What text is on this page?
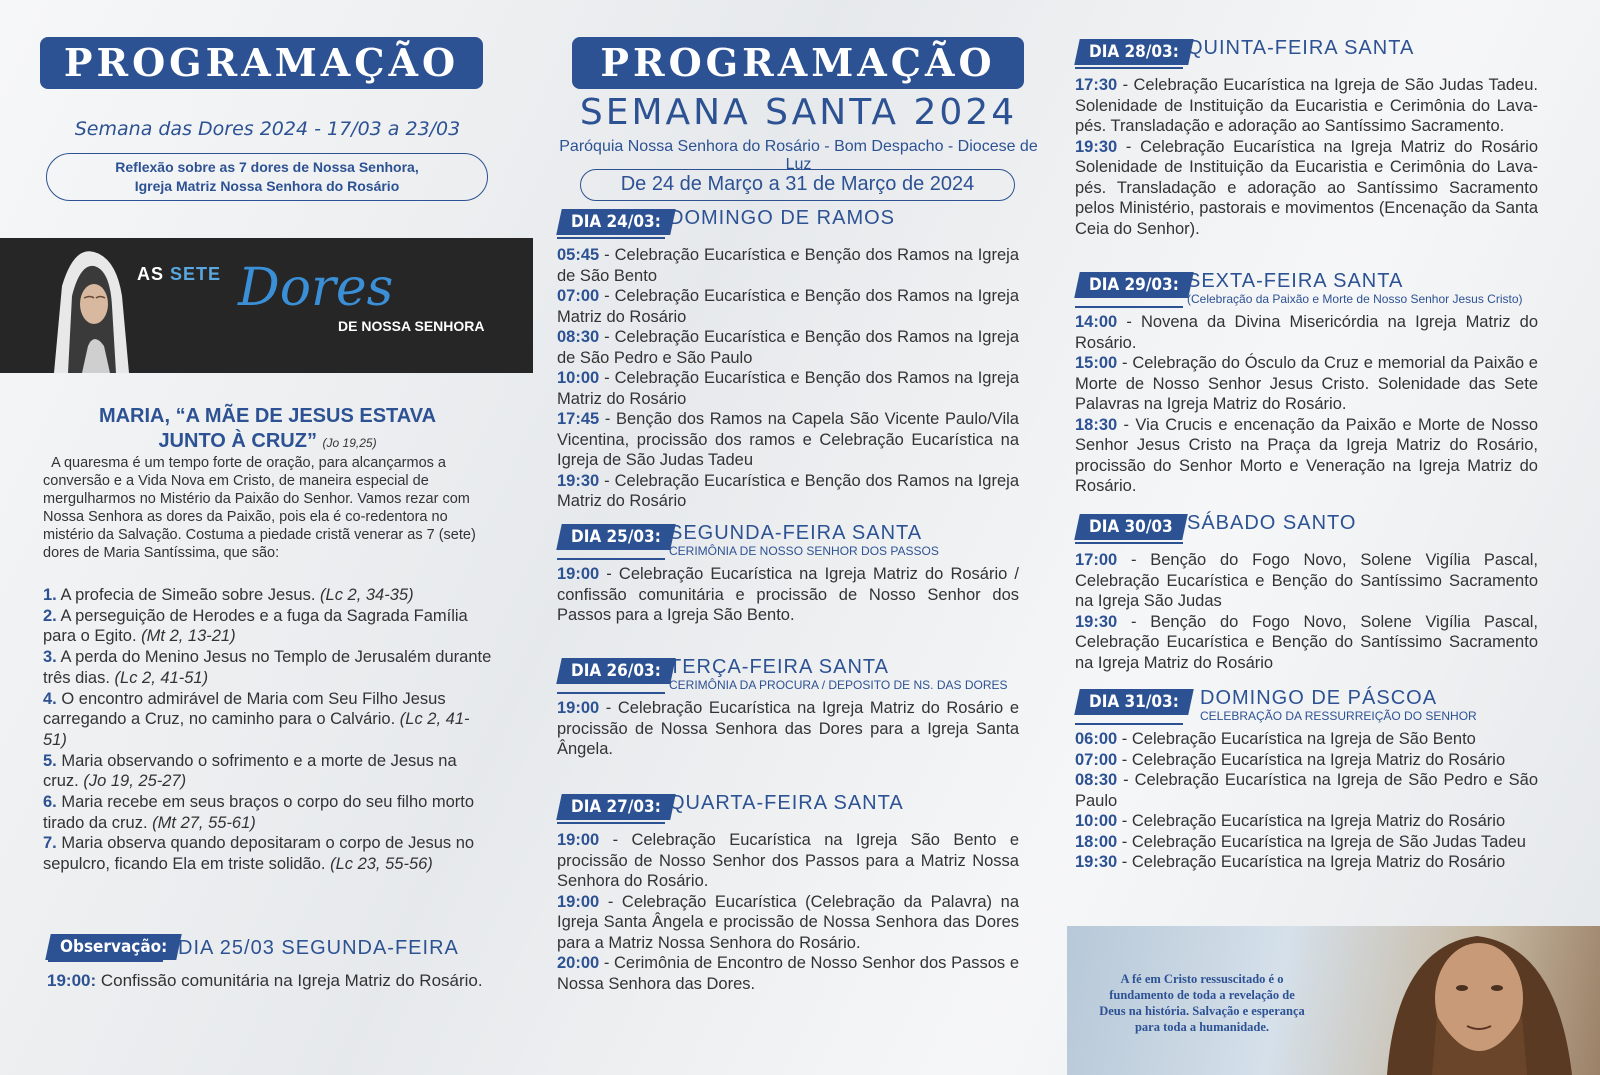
PROGRAMAÇÃO
Semana das Dores 2024 - 17/03 a 23/03
Reflexão sobre as 7 dores de Nossa Senhora,
Igreja Matriz Nossa Senhora do Rosário
AS SETE Dores
DE NOSSA SENHORA
MARIA, “A MÃE DE JESUS ESTAVA
JUNTO À CRUZ” (Jo 19,25)
A quaresma é um tempo forte de oração, para alcançarmos a conversão e a Vida Nova em Cristo, de maneira especial de mergulharmos no Mistério da Paixão do Senhor. Vamos rezar com Nossa Senhora as dores da Paixão, pois ela é co-redentora no mistério da Salvação. Costuma a piedade cristã venerar as 7 (sete) dores de Maria Santíssima, que são:
1. A profecia de Simeão sobre Jesus. (Lc 2, 34-35)
2. A perseguição de Herodes e a fuga da Sagrada Família para o Egito. (Mt 2, 13-21)
3. A perda do Menino Jesus no Templo de Jerusalém durante três dias. (Lc 2, 41-51)
4. O encontro admirável de Maria com Seu Filho Jesus carregando a Cruz, no caminho para o Calvário. (Lc 2, 41-51)
5. Maria observando o sofrimento e a morte de Jesus na cruz. (Jo 19, 25-27)
6. Maria recebe em seus braços o corpo do seu filho morto tirado da cruz. (Mt 27, 55-61)
7. Maria observa quando depositaram o corpo de Jesus no sepulcro, ficando Ela em triste solidão. (Lc 23, 55-56)
Observação: DIA 25/03 SEGUNDA-FEIRA
19:00: Confissão comunitária na Igreja Matriz do Rosário.
PROGRAMAÇÃO
SEMANA SANTA 2024
Paróquia Nossa Senhora do Rosário - Bom Despacho - Diocese de Luz
De 24 de Março a 31 de Março de 2024
DIA 24/03: DOMINGO DE RAMOS
05:45 - Celebração Eucarística e Benção dos Ramos na Igreja de São Bento
07:00 - Celebração Eucarística e Benção dos Ramos na Igreja Matriz do Rosário
08:30 - Celebração Eucarística e Benção dos Ramos na Igreja de São Pedro e São Paulo
10:00 - Celebração Eucarística e Benção dos Ramos na Igreja Matriz do Rosário
17:45 - Benção dos Ramos na Capela São Vicente Paulo/Vila Vicentina, procissão dos ramos e Celebração Eucarística na Igreja de São Judas Tadeu
19:30 - Celebração Eucarística e Benção dos Ramos na Igreja Matriz do Rosário
DIA 25/03: SEGUNDA-FEIRA SANTA
CERIMÔNIA DE NOSSO SENHOR DOS PASSOS
19:00 - Celebração Eucarística na Igreja Matriz do Rosário / confissão comunitária e procissão de Nosso Senhor dos Passos para a Igreja São Bento.
DIA 26/03: TERÇA-FEIRA SANTA
CERIMÔNIA DA PROCURA / DEPOSITO DE NS. DAS DORES
19:00 - Celebração Eucarística na Igreja Matriz do Rosário e procissão de Nossa Senhora das Dores para a Igreja Santa Ângela.
DIA 27/03: QUARTA-FEIRA SANTA
19:00 - Celebração Eucarística na Igreja São Bento e procissão de Nosso Senhor dos Passos para a Matriz Nossa Senhora do Rosário.
19:00 - Celebração Eucarística (Celebração da Palavra) na Igreja Santa Ângela e procissão de Nossa Senhora das Dores para a Matriz Nossa Senhora do Rosário.
20:00 - Cerimônia de Encontro de Nosso Senhor dos Passos e Nossa Senhora das Dores.
DIA 28/03: QUINTA-FEIRA SANTA
17:30 - Celebração Eucarística na Igreja de São Judas Tadeu. Solenidade de Instituição da Eucaristia e Cerimônia do Lava-pés. Transladação e adoração ao Santíssimo Sacramento.
19:30 - Celebração Eucarística na Igreja Matriz do Rosário Solenidade de Instituição da Eucaristia e Cerimônia do Lava-pés. Transladação e adoração ao Santíssimo Sacramento pelos Ministério, pastorais e movimentos (Encenação da Santa Ceia do Senhor).
DIA 29/03: SEXTA-FEIRA SANTA
(Celebração da Paixão e Morte de Nosso Senhor Jesus Cristo)
14:00 - Novena da Divina Misericórdia na Igreja Matriz do Rosário.
15:00 - Celebração do Ósculo da Cruz e memorial da Paixão e Morte de Nosso Senhor Jesus Cristo. Solenidade das Sete Palavras na Igreja Matriz do Rosário.
18:30 - Via Crucis e encenação da Paixão e Morte de Nosso Senhor Jesus Cristo na Praça da Igreja Matriz do Rosário, procissão do Senhor Morto e Veneração na Igreja Matriz do Rosário.
DIA 30/03 SÁBADO SANTO
17:00 - Benção do Fogo Novo, Solene Vigília Pascal, Celebração Eucarística e Benção do Santíssimo Sacramento na Igreja São Judas
19:30 - Benção do Fogo Novo, Solene Vigília Pascal, Celebração Eucarística e Benção do Santíssimo Sacramento na Igreja Matriz do Rosário
DIA 31/03:	DOMINGO DE PÁSCOA
CELEBRAÇÃO DA RESSURREIÇÃO DO SENHOR
06:00 - Celebração Eucarística na Igreja de São Bento
07:00 - Celebração Eucarística na Igreja Matriz do Rosário
08:30 - Celebração Eucarística na Igreja de São Pedro e São Paulo
10:00 - Celebração Eucarística na Igreja Matriz do Rosário
18:00 - Celebração Eucarística na Igreja de São Judas Tadeu
19:30 - Celebração Eucarística na Igreja Matriz do Rosário
A fé em Cristo ressuscitado é o fundamento de toda a revelação de Deus na história. Salvação e esperança para toda a humanidade.
